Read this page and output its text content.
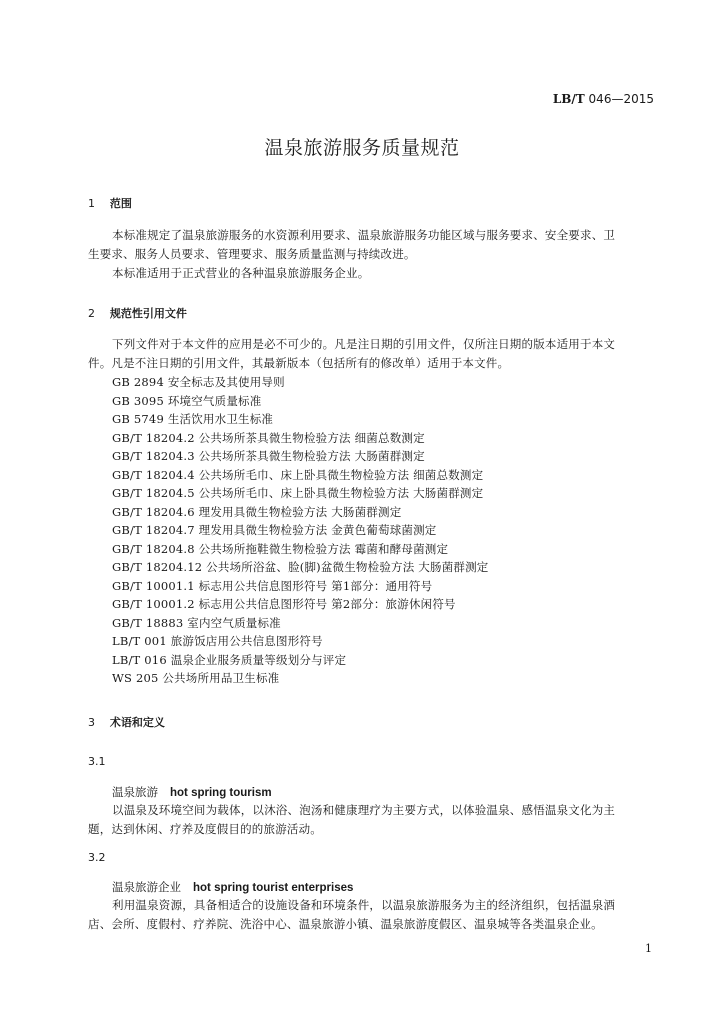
LB/T 046—2015
温泉旅游服务质量规范
1 范围
本标准规定了温泉旅游服务的水资源利用要求、温泉旅游服务功能区域与服务要求、安全要求、卫
生要求、服务人员要求、管理要求、服务质量监测与持续改进。
本标准适用于正式营业的各种温泉旅游服务企业。
2 规范性引用文件
下列文件对于本文件的应用是必不可少的。凡是注日期的引用文件，仅所注日期的版本适用于本文
件。凡是不注日期的引用文件，其最新版本（包括所有的修改单）适用于本文件。
GB 2894 安全标志及其使用导则
GB 3095 环境空气质量标准
GB 5749 生活饮用水卫生标准
GB/T 18204.2 公共场所茶具微生物检验方法 细菌总数测定
GB/T 18204.3 公共场所茶具微生物检验方法 大肠菌群测定
GB/T 18204.4 公共场所毛巾、床上卧具微生物检验方法 细菌总数测定
GB/T 18204.5 公共场所毛巾、床上卧具微生物检验方法 大肠菌群测定
GB/T 18204.6 理发用具微生物检验方法 大肠菌群测定
GB/T 18204.7 理发用具微生物检验方法 金黄色葡萄球菌测定
GB/T 18204.8 公共场所拖鞋微生物检验方法 霉菌和酵母菌测定
GB/T 18204.12 公共场所浴盆、脸(脚)盆微生物检验方法 大肠菌群测定
GB/T 10001.1 标志用公共信息图形符号 第1部分：通用符号
GB/T 10001.2 标志用公共信息图形符号 第2部分：旅游休闲符号
GB/T 18883 室内空气质量标准
LB/T 001 旅游饭店用公共信息图形符号
LB/T 016 温泉企业服务质量等级划分与评定
WS 205 公共场所用品卫生标准
3 术语和定义
3.1
温泉旅游 hot spring tourism
以温泉及环境空间为载体，以沐浴、泡汤和健康理疗为主要方式，以体验温泉、感悟温泉文化为主
题，达到休闲、疗养及度假目的的旅游活动。
3.2
温泉旅游企业 hot spring tourist enterprises
利用温泉资源，具备相适合的设施设备和环境条件，以温泉旅游服务为主的经济组织，包括温泉酒
店、会所、度假村、疗养院、洗浴中心、温泉旅游小镇、温泉旅游度假区、温泉城等各类温泉企业。
1
